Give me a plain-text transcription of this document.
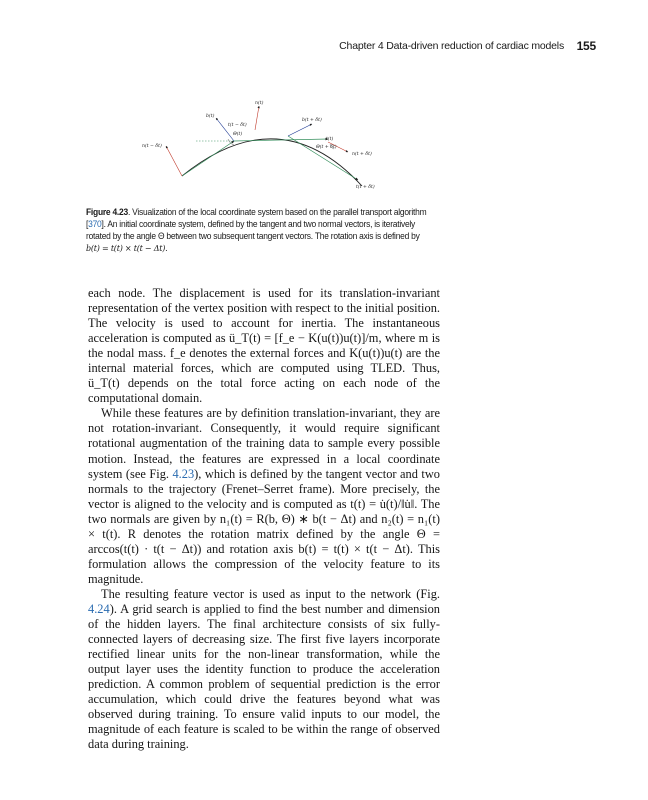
Chapter 4 Data-driven reduction of cardiac models 155
n(t − δt)
b(t)
t(t − δt)
Θ(t)
n(t)
b(t + δt)
t(t)
Θ(t + δt)
n(t + δt)
t(t + δt)
Figure 4.23. Visualization of the local coordinate system based on the parallel transport algorithm [370]. An initial coordinate system, defined by the tangent and two normal vectors, is iteratively rotated by the angle Θ between two subsequent tangent vectors. The rotation axis is defined by b(t) = t(t) × t(t − Δt).

each node. The displacement is used for its translation-invariant representation of the vertex position with respect to the initial position. The velocity is used to account for inertia. The instantaneous acceleration is computed as ü_T(t) = [f_e − K(u(t))u(t)]/m, where m is the nodal mass. f_e denotes the external forces and K(u(t))u(t) are the internal material forces, which are computed using TLED. Thus, ü_T(t) depends on the total force acting on each node of the computational domain.

While these features are by definition translation-invariant, they are not rotation-invariant. Consequently, it would require significant rotational augmentation of the training data to sample every possible motion. Instead, the features are expressed in a local coordinate system (see Fig. 4.23), which is defined by the tangent vector and two normals to the trajectory (Frenet–Serret frame). More precisely, the vector is aligned to the velocity and is computed as t(t) = u̇(t)/‖u̇‖. The two normals are given by n₁(t) = R(b, Θ) ∗ b(t − Δt) and n₂(t) = n₁(t) × t(t). R denotes the rotation matrix defined by the angle Θ = arccos(t(t) · t(t − Δt)) and rotation axis b(t) = t(t) × t(t − Δt). This formulation allows the compression of the velocity feature to its magnitude.

The resulting feature vector is used as input to the network (Fig. 4.24). A grid search is applied to find the best number and dimension of the hidden layers. The final architecture consists of six fully-connected layers of decreasing size. The first five layers incorporate rectified linear units for the non-linear transformation, while the output layer uses the identity function to produce the acceleration prediction. A common problem of sequential prediction is the error accumulation, which could drive the features beyond what was observed during training. To ensure valid inputs to our model, the magnitude of each feature is scaled to be within the range of observed data during training.
